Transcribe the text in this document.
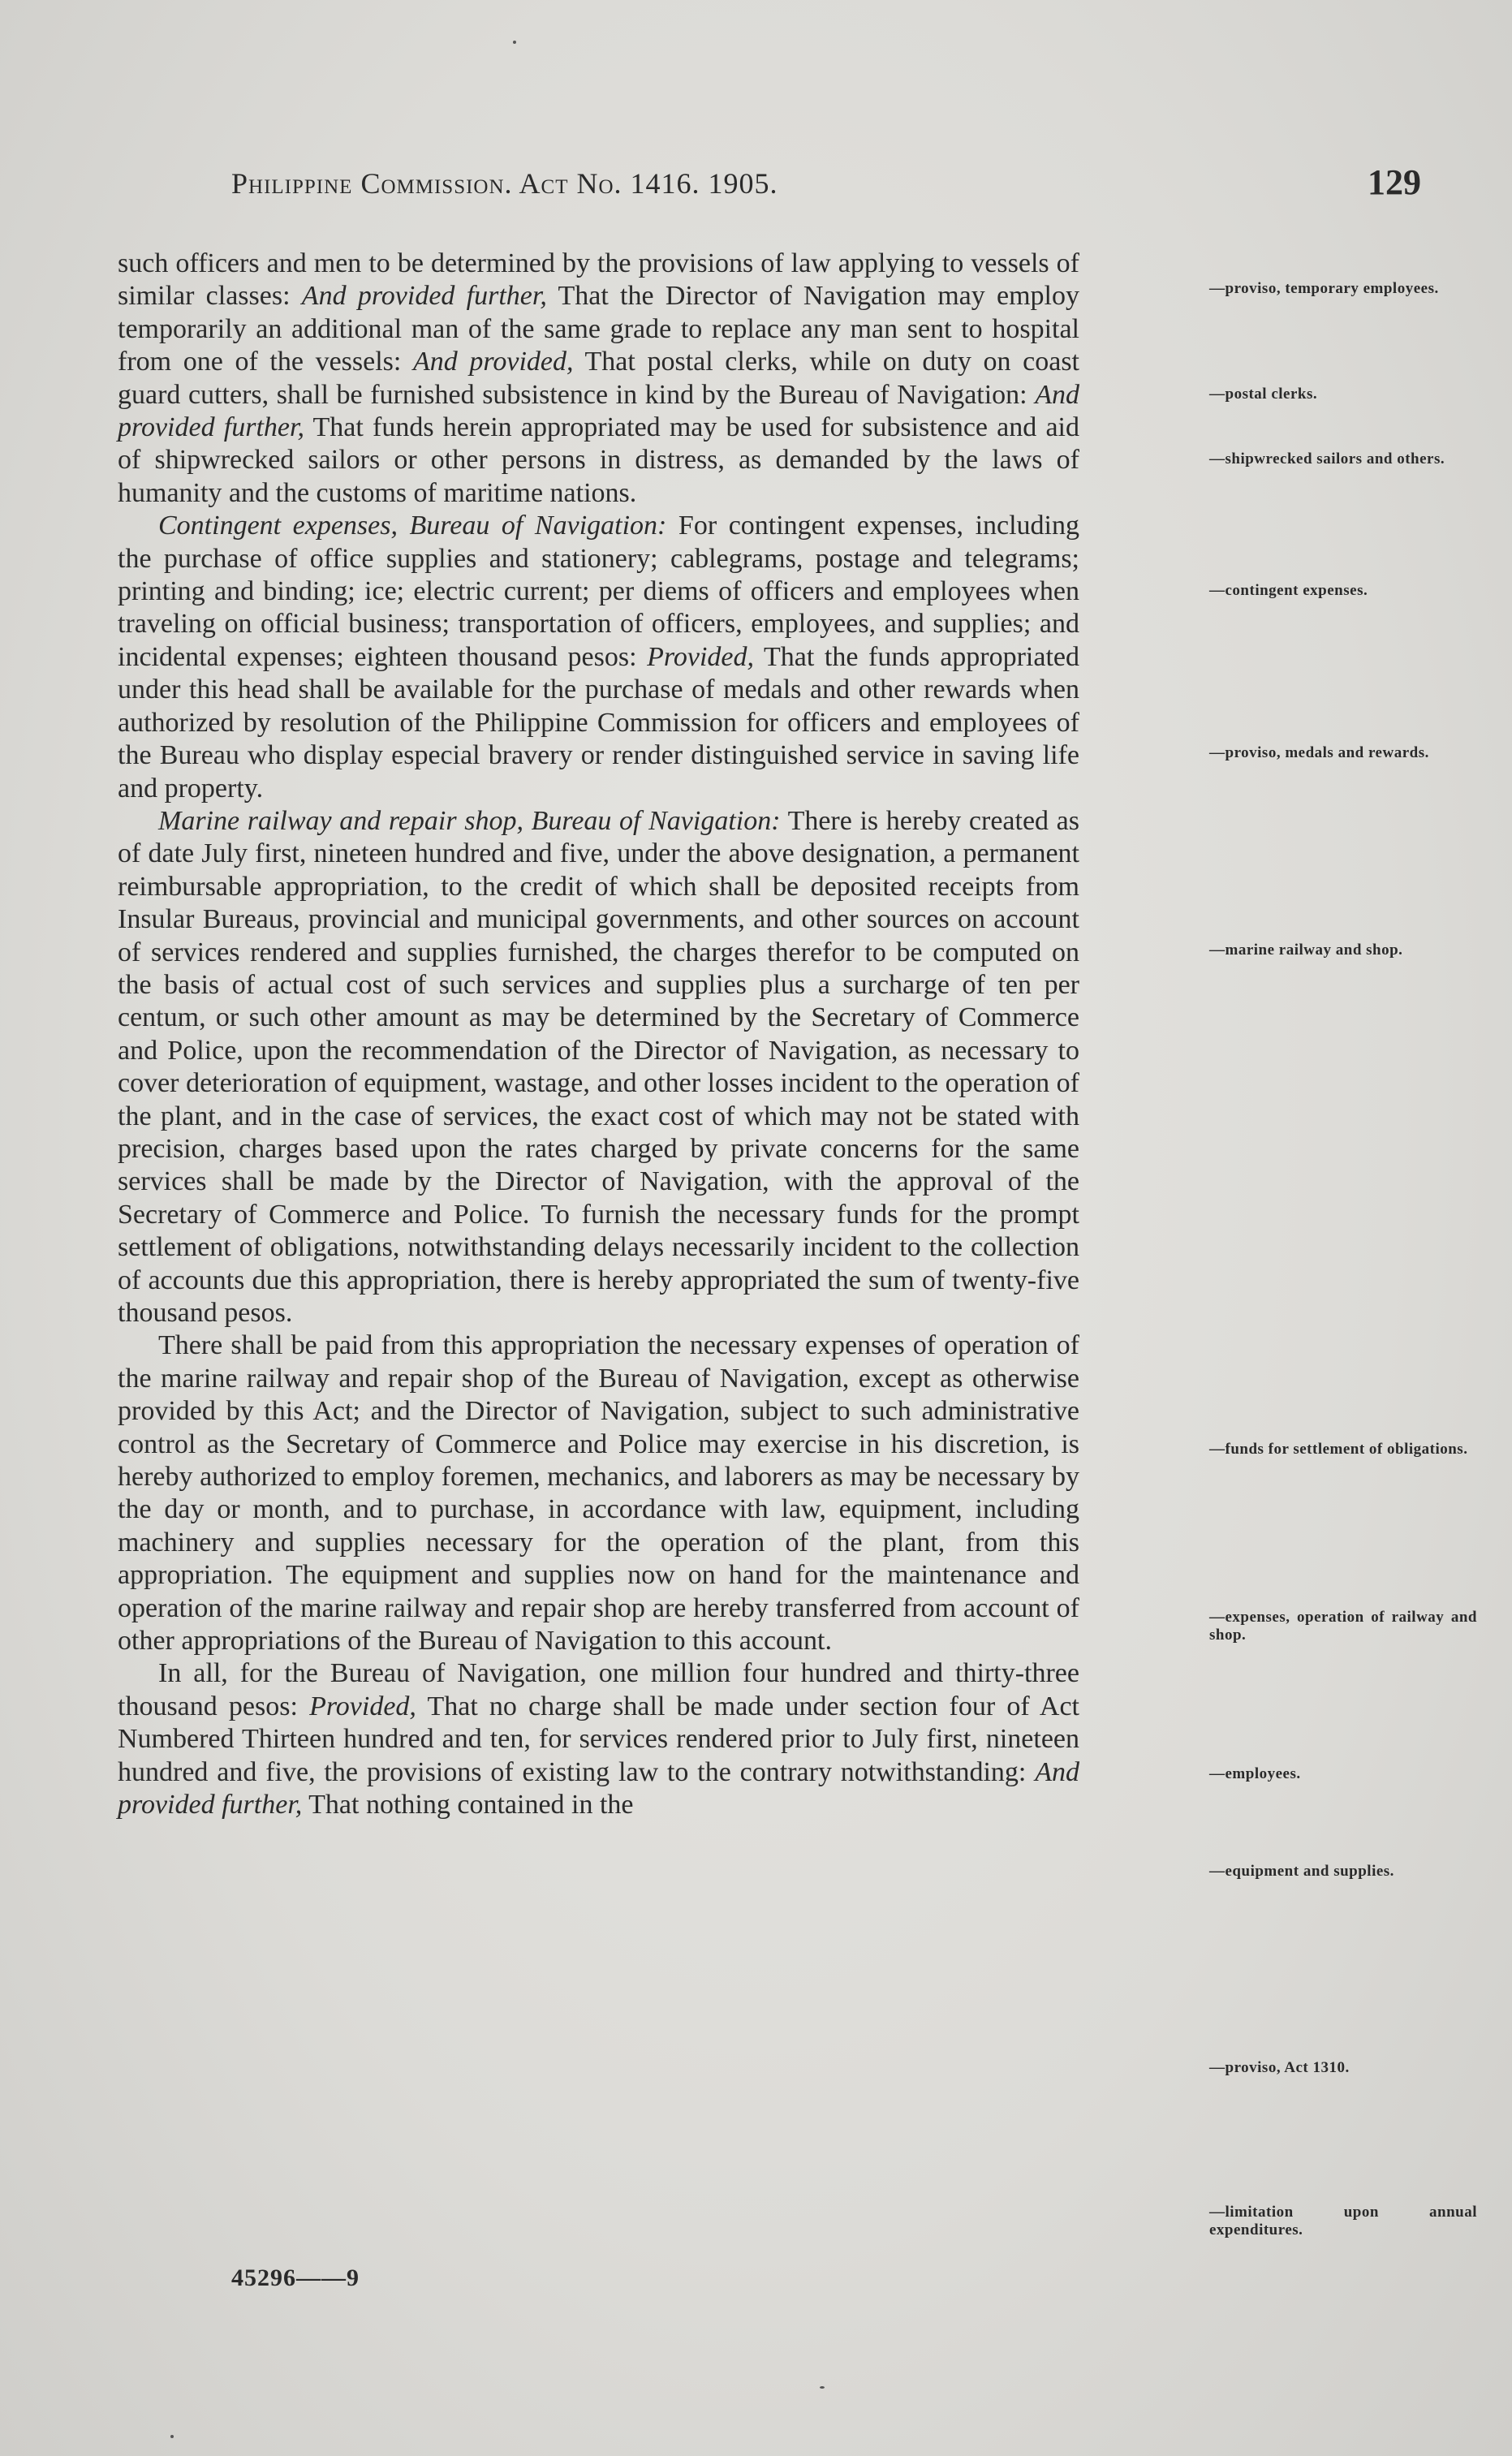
Philippine Commission. Act No. 1416. 1905.	129

such officers and men to be determined by the provisions of law applying to vessels of similar classes: And provided further, That the Director of Navigation may employ temporarily an additional man of the same grade to replace any man sent to hospital from one of the vessels: And provided, That postal clerks, while on duty on coast guard cutters, shall be furnished subsistence in kind by the Bureau of Navigation: And provided further, That funds herein appropriated may be used for subsistence and aid of shipwrecked sailors or other persons in distress, as demanded by the laws of humanity and the customs of maritime nations.

Contingent expenses, Bureau of Navigation: For contingent expenses, including the purchase of office supplies and stationery; cablegrams, postage and telegrams; printing and binding; ice; electric current; per diems of officers and employees when traveling on official business; transportation of officers, employees, and supplies; and incidental expenses; eighteen thousand pesos: Provided, That the funds appropriated under this head shall be available for the purchase of medals and other rewards when authorized by resolution of the Philippine Commission for officers and employees of the Bureau who display especial bravery or render distinguished service in saving life and property.

Marine railway and repair shop, Bureau of Navigation: There is hereby created as of date July first, nineteen hundred and five, under the above designation, a permanent reimbursable appropriation, to the credit of which shall be deposited receipts from Insular Bureaus, provincial and municipal governments, and other sources on account of services rendered and supplies furnished, the charges therefor to be computed on the basis of actual cost of such services and supplies plus a surcharge of ten per centum, or such other amount as may be determined by the Secretary of Commerce and Police, upon the recommendation of the Director of Navigation, as necessary to cover deterioration of equipment, wastage, and other losses incident to the operation of the plant, and in the case of services, the exact cost of which may not be stated with precision, charges based upon the rates charged by private concerns for the same services shall be made by the Director of Navigation, with the approval of the Secretary of Commerce and Police. To furnish the necessary funds for the prompt settlement of obligations, notwithstanding delays necessarily incident to the collection of accounts due this appropriation, there is hereby appropriated the sum of twenty-five thousand pesos.

There shall be paid from this appropriation the necessary expenses of operation of the marine railway and repair shop of the Bureau of Navigation, except as otherwise provided by this Act; and the Director of Navigation, subject to such administrative control as the Secretary of Commerce and Police may exercise in his discretion, is hereby authorized to employ foremen, mechanics, and laborers as may be necessary by the day or month, and to purchase, in accordance with law, equipment, including machinery and supplies necessary for the operation of the plant, from this appropriation. The equipment and supplies now on hand for the maintenance and operation of the marine railway and repair shop are hereby transferred from account of other appropriations of the Bureau of Navigation to this account.

In all, for the Bureau of Navigation, one million four hundred and thirty-three thousand pesos: Provided, That no charge shall be made under section four of Act Numbered Thirteen hundred and ten, for services rendered prior to July first, nineteen hundred and five, the provisions of existing law to the contrary notwithstanding: And provided further, That nothing contained in the

—proviso, temporary employees.
—postal clerks.
—shipwrecked sailors and others.
—contingent expenses.
—proviso, medals and rewards.
—marine railway and shop.
—funds for settlement of obligations.
—expenses, operation of railway and shop.
—employees.
—equipment and supplies.
—proviso, Act 1310.
—limitation upon annual expenditures.
45296——9
